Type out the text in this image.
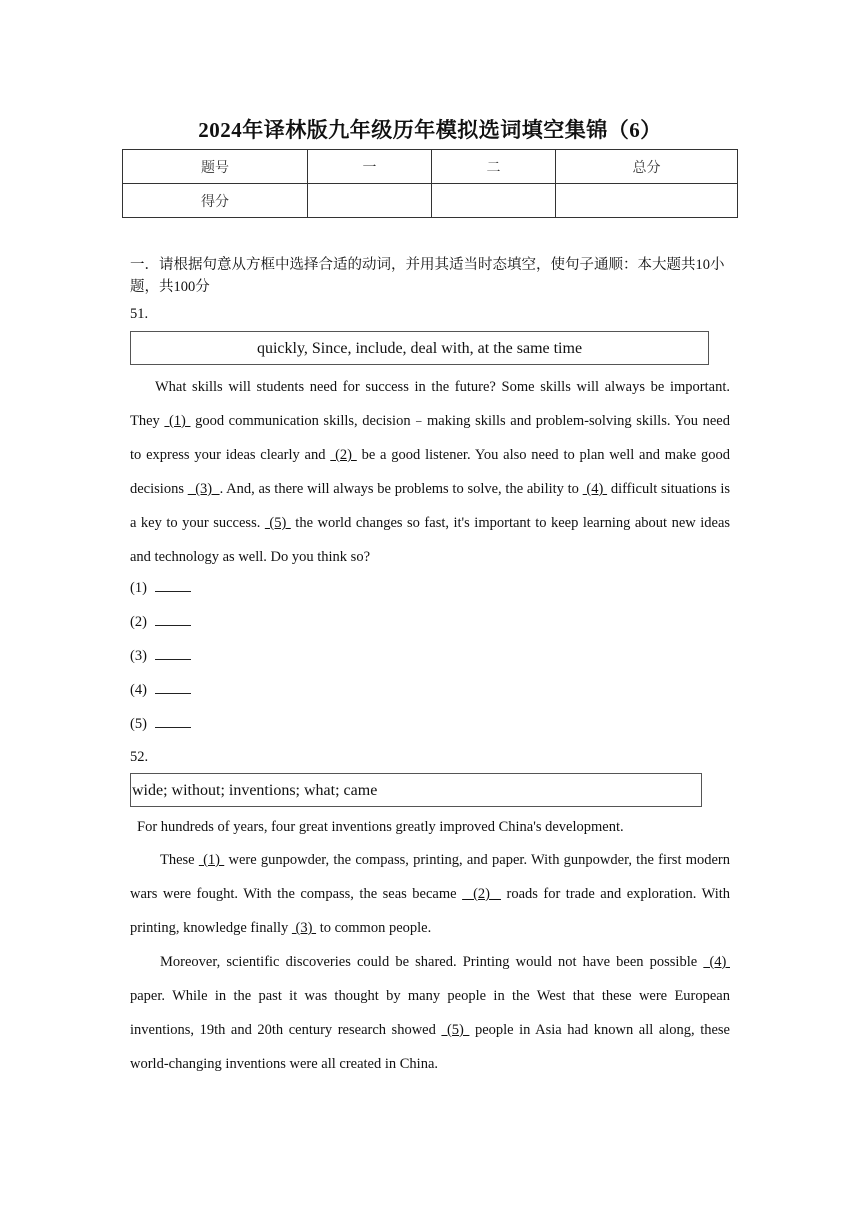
2024年译林版九年级历年模拟选词填空集锦（6）
题号	一	二	总分
得分			
一．请根据句意从方框中选择合适的动词，并用其适当时态填空，使句子通顺：本大题共10小题，共100分
51.
quickly, Since, include, deal with, at the same time

What skills will students need for success in the future? Some skills will always be important. They  (1)  good communication skills, decision﹣making skills and problem-solving skills. You need to express your ideas clearly and  (2)  be a good listener. You also need to plan well and make good decisions   (3)  . And, as there will always be problems to solve, the ability to  (4)  difficult situations is a key to your success.  (5)  the world changes so fast, it's important to keep learning about new ideas and technology as well. Do you think so?

(1)
(2)
(3)
(4)
(5)
52.
wide; without; inventions; what; came
For hundreds of years, four great inventions greatly improved China's development.

These  (1)  were gunpowder, the compass, printing, and paper. With gunpowder, the first modern wars were fought. With the compass, the seas became   (2)   roads for trade and exploration. With printing, knowledge finally  (3)  to common people.

Moreover, scientific discoveries could be shared. Printing would not have been possible  (4)  paper. While in the past it was thought by many people in the West that these were European inventions, 19th and 20th century research showed  (5)  people in Asia had known all along, these world-changing inventions were all created in China.
